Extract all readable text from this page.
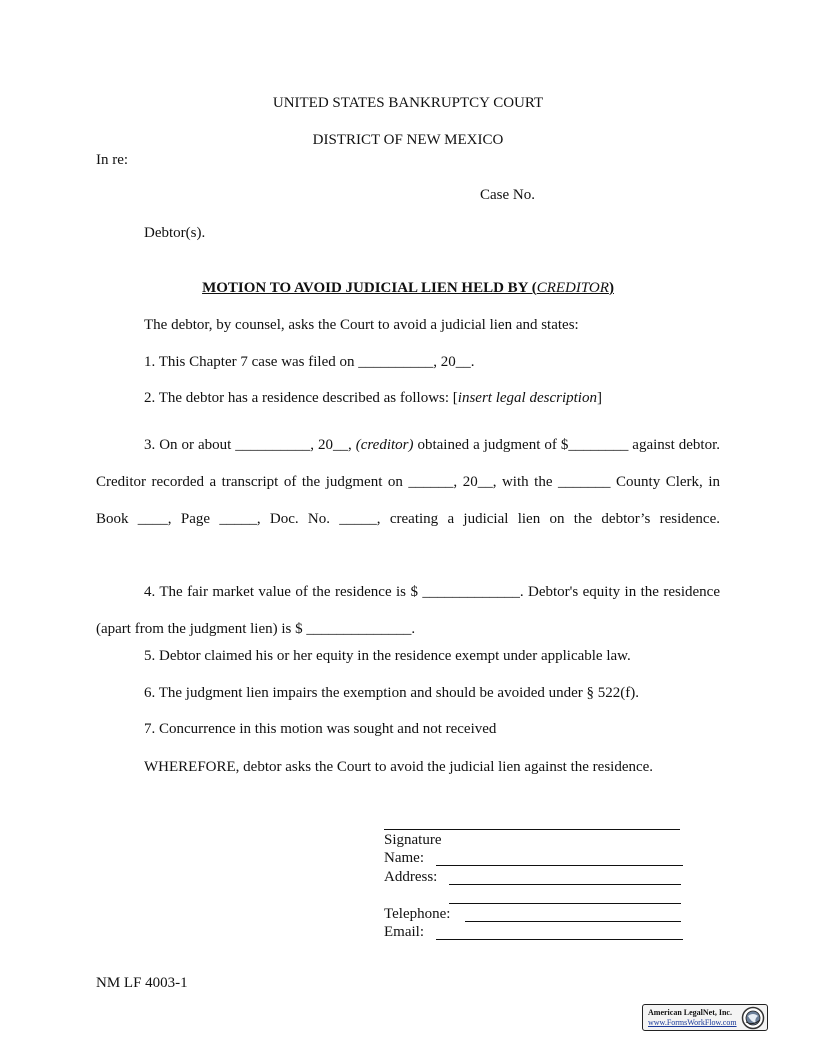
UNITED STATES BANKRUPTCY COURT
DISTRICT OF NEW MEXICO
In re:
Case No.
Debtor(s).
MOTION TO AVOID JUDICIAL LIEN HELD BY (CREDITOR)
The debtor, by counsel, asks the Court to avoid a judicial lien and states:
1. This Chapter 7 case was filed on __________, 20__.
2. The debtor has a residence described as follows: [insert legal description]
3. On or about __________, 20__, (creditor) obtained a judgment of $________ against debtor. Creditor recorded a transcript of the judgment on ______, 20__, with the _______ County Clerk, in Book ____, Page _____, Doc. No. _____, creating a judicial lien on the debtor’s residence.
4. The fair market value of the residence is $ _____________. Debtor's equity in the residence (apart from the judgment lien) is $ ______________.
5. Debtor claimed his or her equity in the residence exempt under applicable law.
6. The judgment lien impairs the exemption and should be avoided under § 522(f).
7. Concurrence in this motion was sought and not received
WHEREFORE, debtor asks the Court to avoid the judicial lien against the residence.
Signature
Name:
Address:
Telephone:
Email:
NM LF 4003-1
American LegalNet, Inc.
www.FormsWorkFlow.com
